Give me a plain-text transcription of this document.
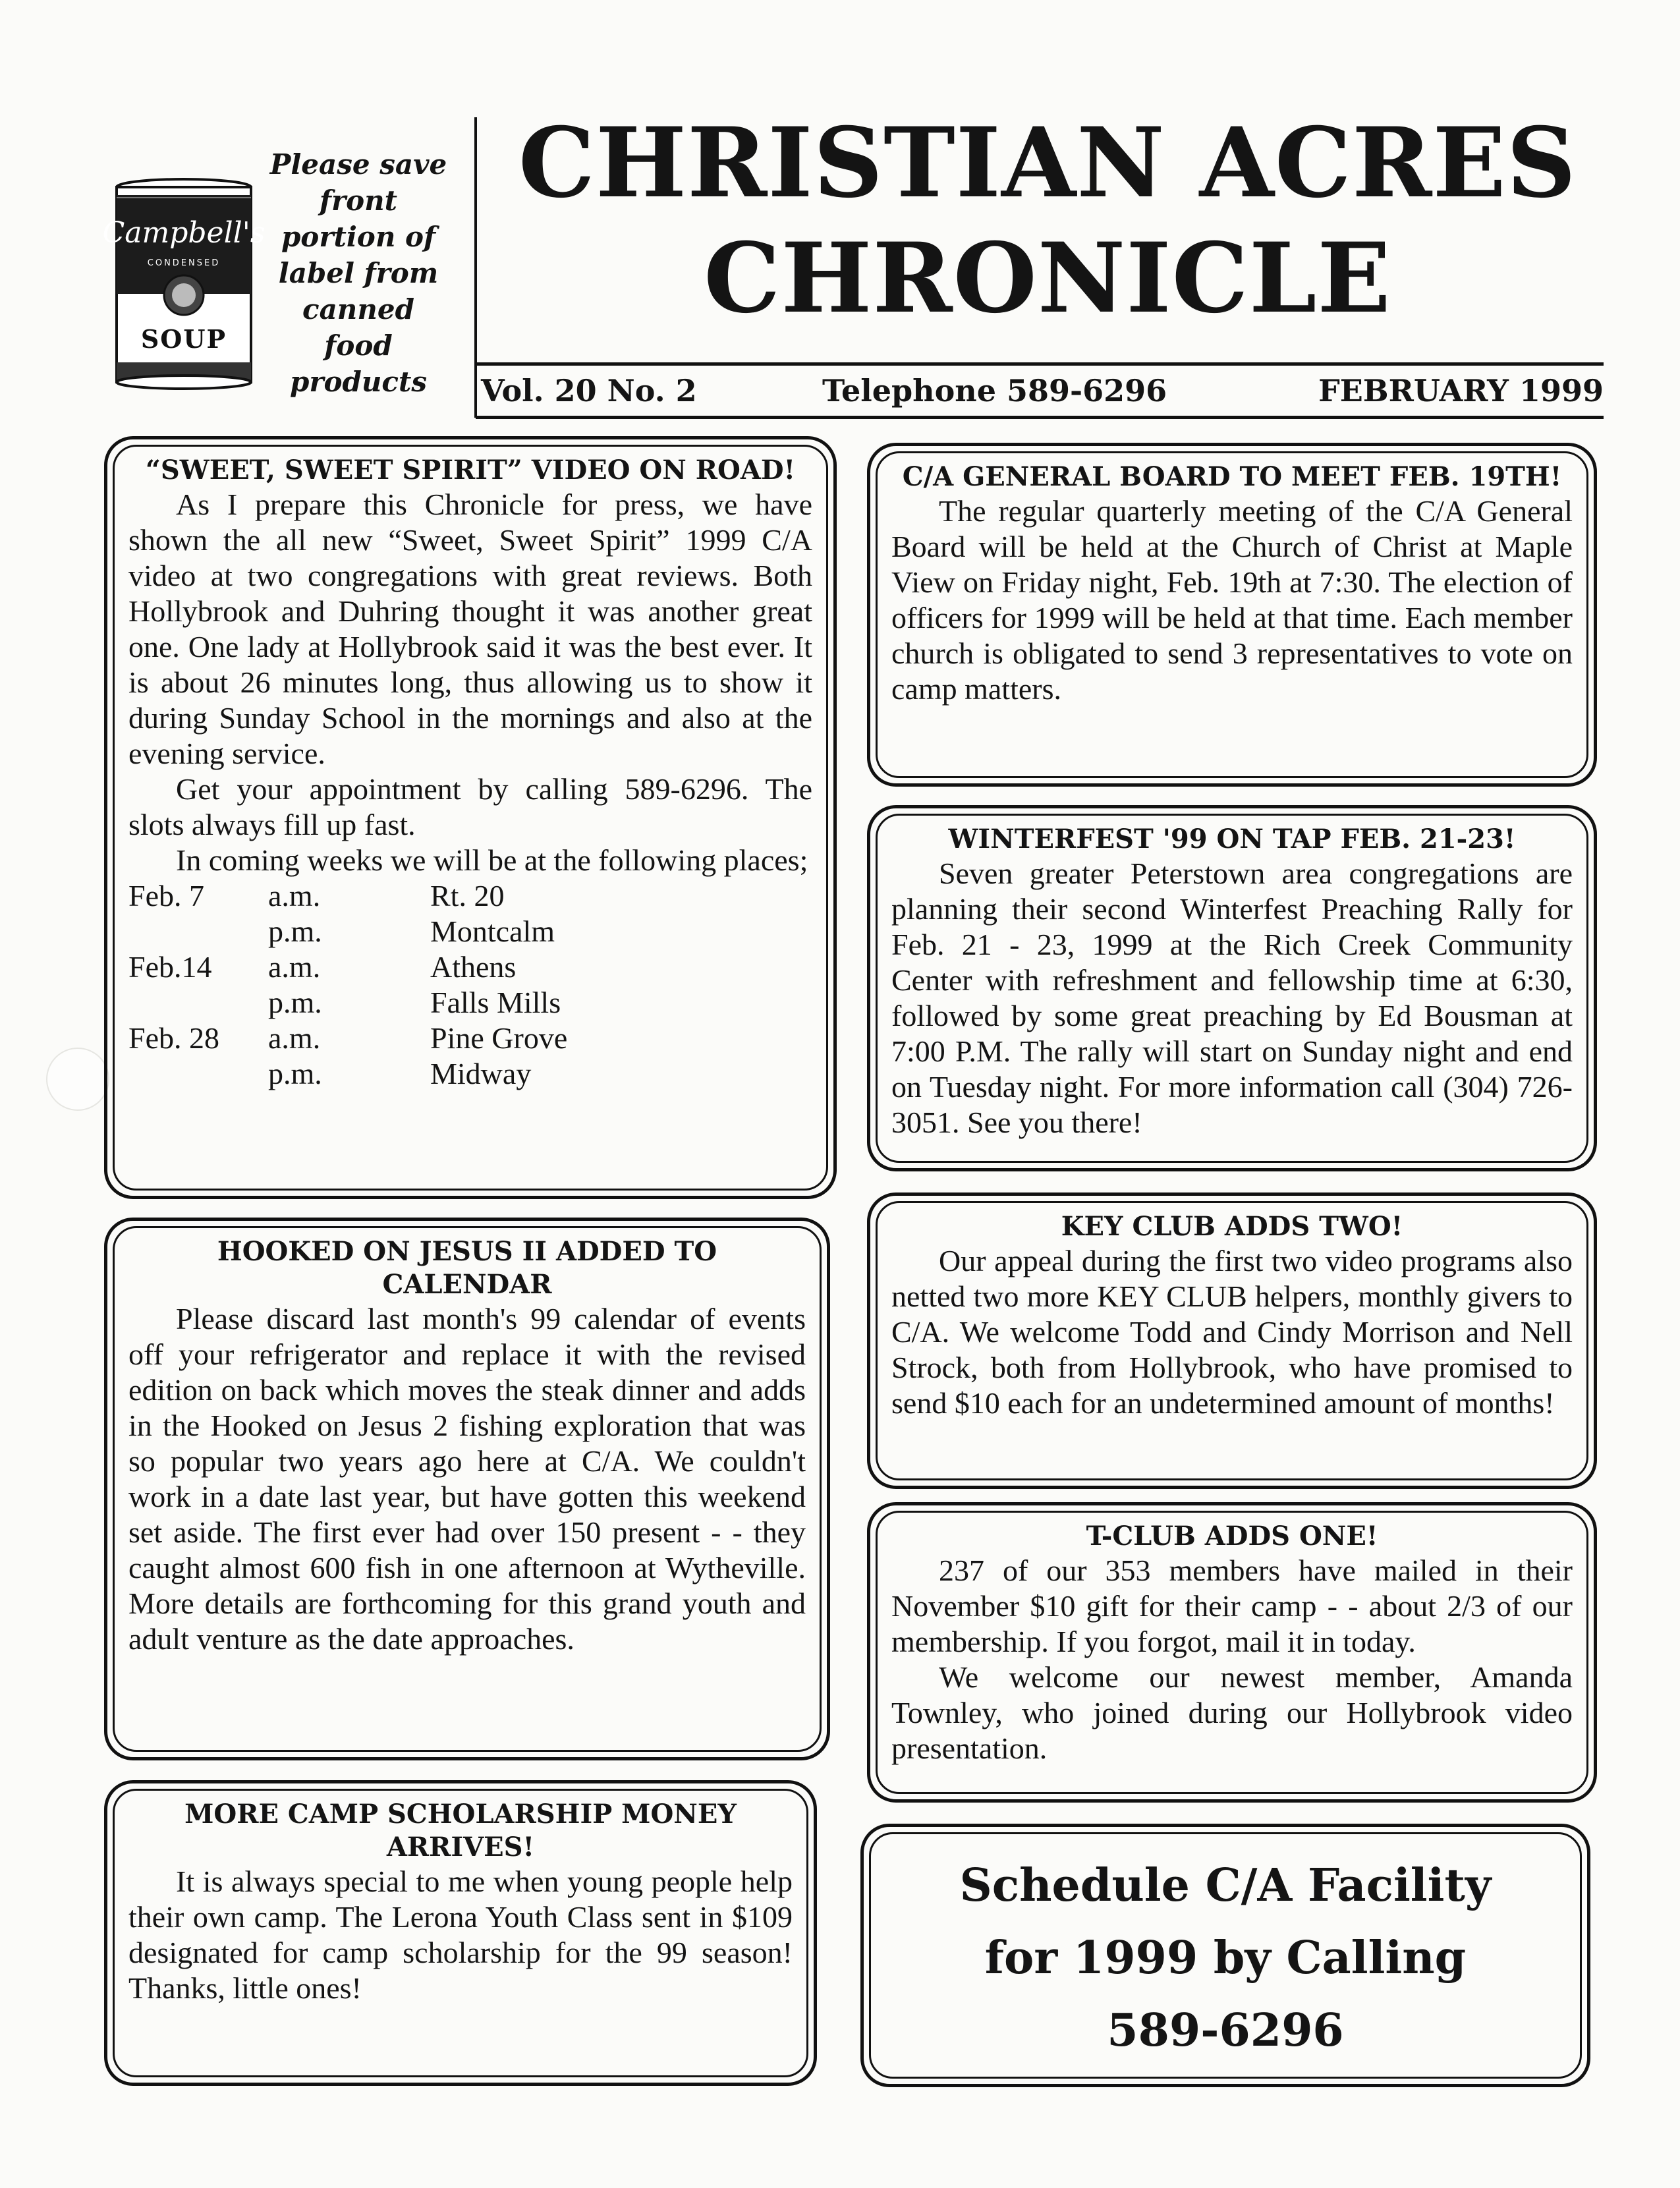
Campbell's
CONDENSED
SOUP
Please save
front
portion of
label from
canned
food
products
CHRISTIAN ACRES
CHRONICLE
Vol. 20 No. 2	Telephone 589-6296	FEBRUARY 1999

“SWEET, SWEET SPIRIT” VIDEO ON ROAD!

As I prepare this Chronicle for press, we have shown the all new “Sweet, Sweet Spirit” 1999 C/A video at two congregations with great reviews. Both Hollybrook and Duhring thought it was another great one. One lady at Hollybrook said it was the best ever. It is about 26 minutes long, thus allowing us to show it during Sunday School in the mornings and also at the evening service.

Get your appointment by calling 589-6296. The slots always fill up fast.

In coming weeks we will be at the following places;

Feb. 7	a.m.	Rt. 20
	p.m.	Montcalm
Feb.14	a.m.	Athens
	p.m.	Falls Mills
Feb. 28	a.m.	Pine Grove
	p.m.	Midway

HOOKED ON JESUS II ADDED TO CALENDAR

Please discard last month's 99 calendar of events off your refrigerator and replace it with the revised edition on back which moves the steak dinner and adds in the Hooked on Jesus 2 fishing exploration that was so popular two years ago here at C/A. We couldn't work in a date last year, but have gotten this weekend set aside. The first ever had over 150 present - - they caught almost 600 fish in one afternoon at Wytheville. More details are forthcoming for this grand youth and adult venture as the date approaches.

MORE CAMP SCHOLARSHIP MONEY ARRIVES!

It is always special to me when young people help their own camp. The Lerona Youth Class sent in $109 designated for camp scholarship for the 99 season! Thanks, little ones!

C/A GENERAL BOARD TO MEET FEB. 19TH!

The regular quarterly meeting of the C/A General Board will be held at the Church of Christ at Maple View on Friday night, Feb. 19th at 7:30. The election of officers for 1999 will be held at that time. Each member church is obligated to send 3 representatives to vote on camp matters.

WINTERFEST '99 ON TAP FEB. 21-23!

Seven greater Peterstown area congregations are planning their second Winterfest Preaching Rally for Feb. 21 - 23, 1999 at the Rich Creek Community Center with refreshment and fellowship time at 6:30, followed by some great preaching by Ed Bousman at 7:00 P.M. The rally will start on Sunday night and end on Tuesday night. For more information call (304) 726-3051. See you there!

KEY CLUB ADDS TWO!

Our appeal during the first two video programs also netted two more KEY CLUB helpers, monthly givers to C/A. We welcome Todd and Cindy Morrison and Nell Strock, both from Hollybrook, who have promised to send $10 each for an undetermined amount of months!

T-CLUB ADDS ONE!

237 of our 353 members have mailed in their November $10 gift for their camp - - about 2/3 of our membership. If you forgot, mail it in today.

We welcome our newest member, Amanda Townley, who joined during our Hollybrook video presentation.

Schedule C/A Facility

for 1999 by Calling

589-6296
